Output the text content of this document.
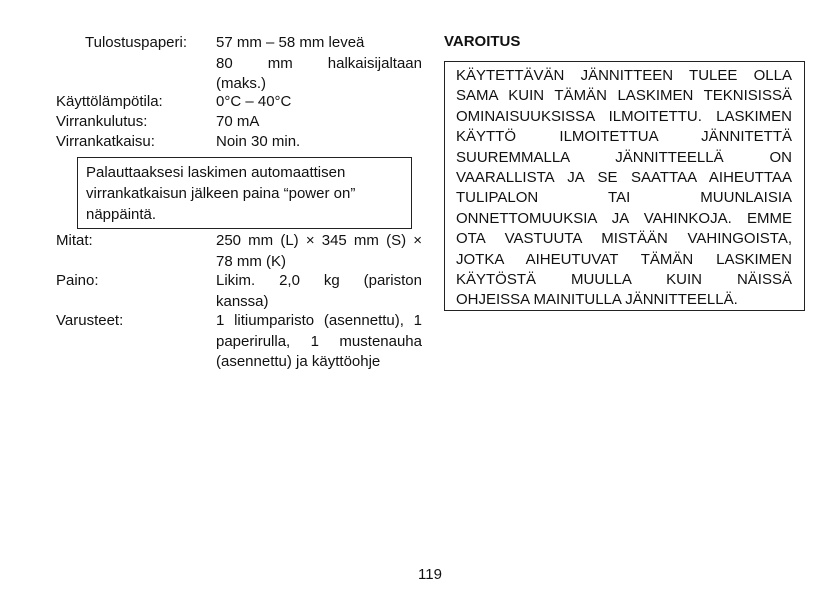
Tulostuspaperi: 57 mm – 58 mm leveä
80 mm halkaisijaltaan
(maks.)
Käyttölämpötila:	0°C – 40°C
Virrankulutus:	70 mA
Virrankatkaisu:	Noin 30 min.
Palauttaaksesi laskimen automaattisen
virrankatkaisun jälkeen paina “power on”
näppäintä.
Mitat:	250 mm (L) × 345 mm (S) ×
78 mm (K)
Paino:	Likim. 2,0 kg (pariston
kanssa)
Varusteet:	1 litiumparisto (asennettu), 1
paperirulla, 1 mustenauha
(asennettu) ja käyttöohje
VAROITUS
KÄYTETTÄVÄN JÄNNITTEEN TULEE OLLA
SAMA KUIN TÄMÄN LASKIMEN TEKNISISSÄ
OMINAISUUKSISSA ILMOITETTU. LASKIMEN
KÄYTTÖ ILMOITETTUA JÄNNITETTÄ
SUUREMMALLA JÄNNITTEELLÄ ON
VAARALLISTA JA SE SAATTAA AIHEUTTAA
TULIPALON TAI MUUNLAISIA
ONNETTOMUUKSIA JA VAHINKOJA. EMME
OTA VASTUUTA MISTÄÄN VAHINGOISTA,
JOTKA AIHEUTUVAT TÄMÄN LASKIMEN
KÄYTÖSTÄ MUULLA KUIN NÄISSÄ
OHJEISSA MAINITULLA JÄNNITTEELLÄ.
119
